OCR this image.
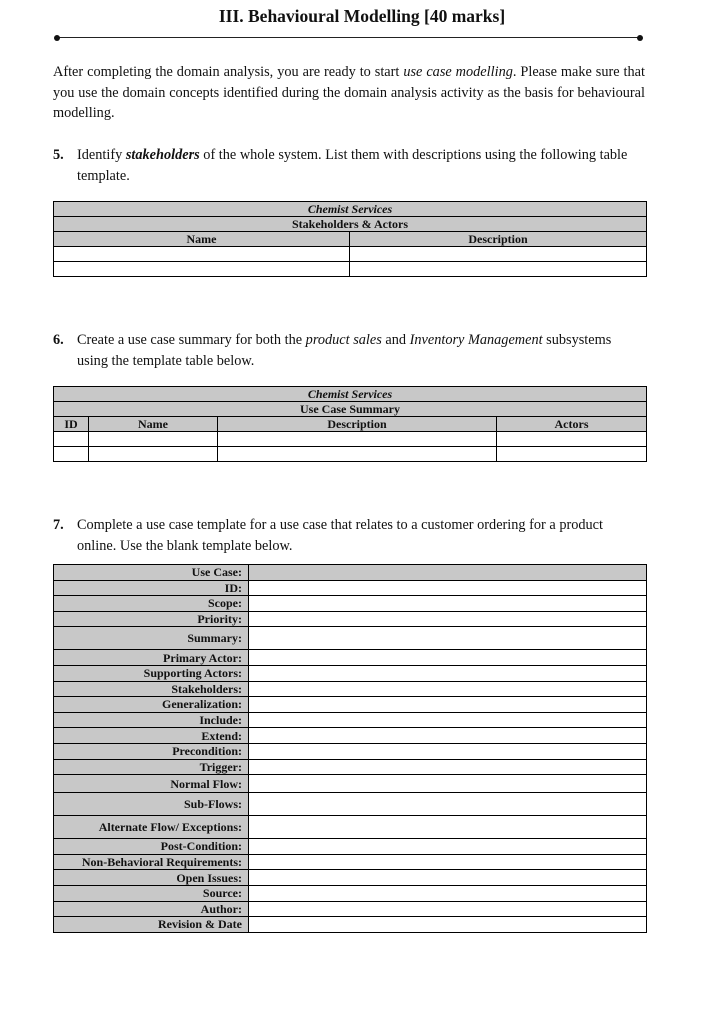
III. Behavioural Modelling [40 marks]
After completing the domain analysis, you are ready to start use case modelling. Please make sure that you use the domain concepts identified during the domain analysis activity as the basis for behavioural modelling.
5. Identify stakeholders of the whole system. List them with descriptions using the following table template.
Chemist Services	
Stakeholders & Actors	
Name	Description

6. Create a use case summary for both the product sales and Inventory Management subsystems using the template table below.
Chemist Services			
Use Case Summary			
ID	Name	Description	Actors

7. Complete a use case template for a use case that relates to a customer ordering for a product online. Use the blank template below.
Use Case:	
ID:	
Scope:	
Priority:	
Summary:	
Primary Actor:	
Supporting Actors:	
Stakeholders:	
Generalization:	
Include:	
Extend:	
Precondition:	
Trigger:	
Normal Flow:	
Sub-Flows:	
Alternate Flow/ Exceptions:	
Post-Condition:	
Non-Behavioral Requirements:	
Open Issues:	
Source:	
Author:	
Revision & Date	
